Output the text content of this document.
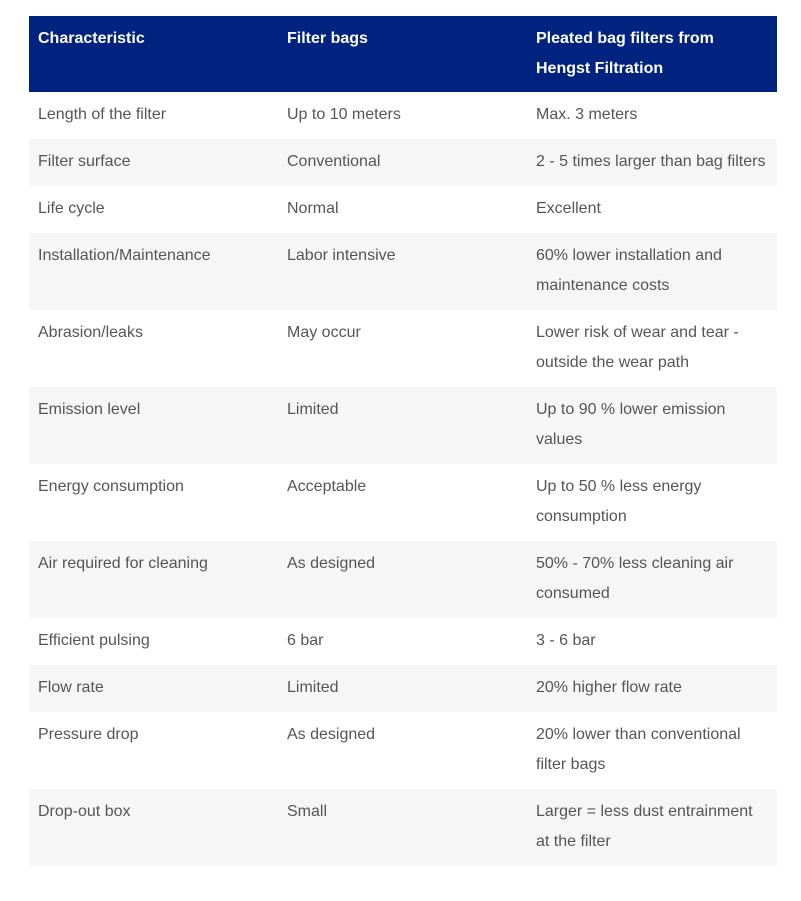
Characteristic	Filter bags	Pleated bag filters from Hengst Filtration
Length of the filter	Up to 10 meters	Max. 3 meters
Filter surface	Conventional	2 - 5 times larger than bag filters
Life cycle	Normal	Excellent
Installation/Maintenance	Labor intensive	60% lower installation and maintenance costs
Abrasion/leaks	May occur	Lower risk of wear and tear - outside the wear path
Emission level	Limited	Up to 90 % lower emission values
Energy consumption	Acceptable	Up to 50 % less energy consumption
Air required for cleaning	As designed	50% - 70% less cleaning air consumed
Efficient pulsing	6 bar	3 - 6 bar
Flow rate	Limited	20% higher flow rate
Pressure drop	As designed	20% lower than conventional filter bags
Drop-out box	Small	Larger = less dust entrainment at the filter
